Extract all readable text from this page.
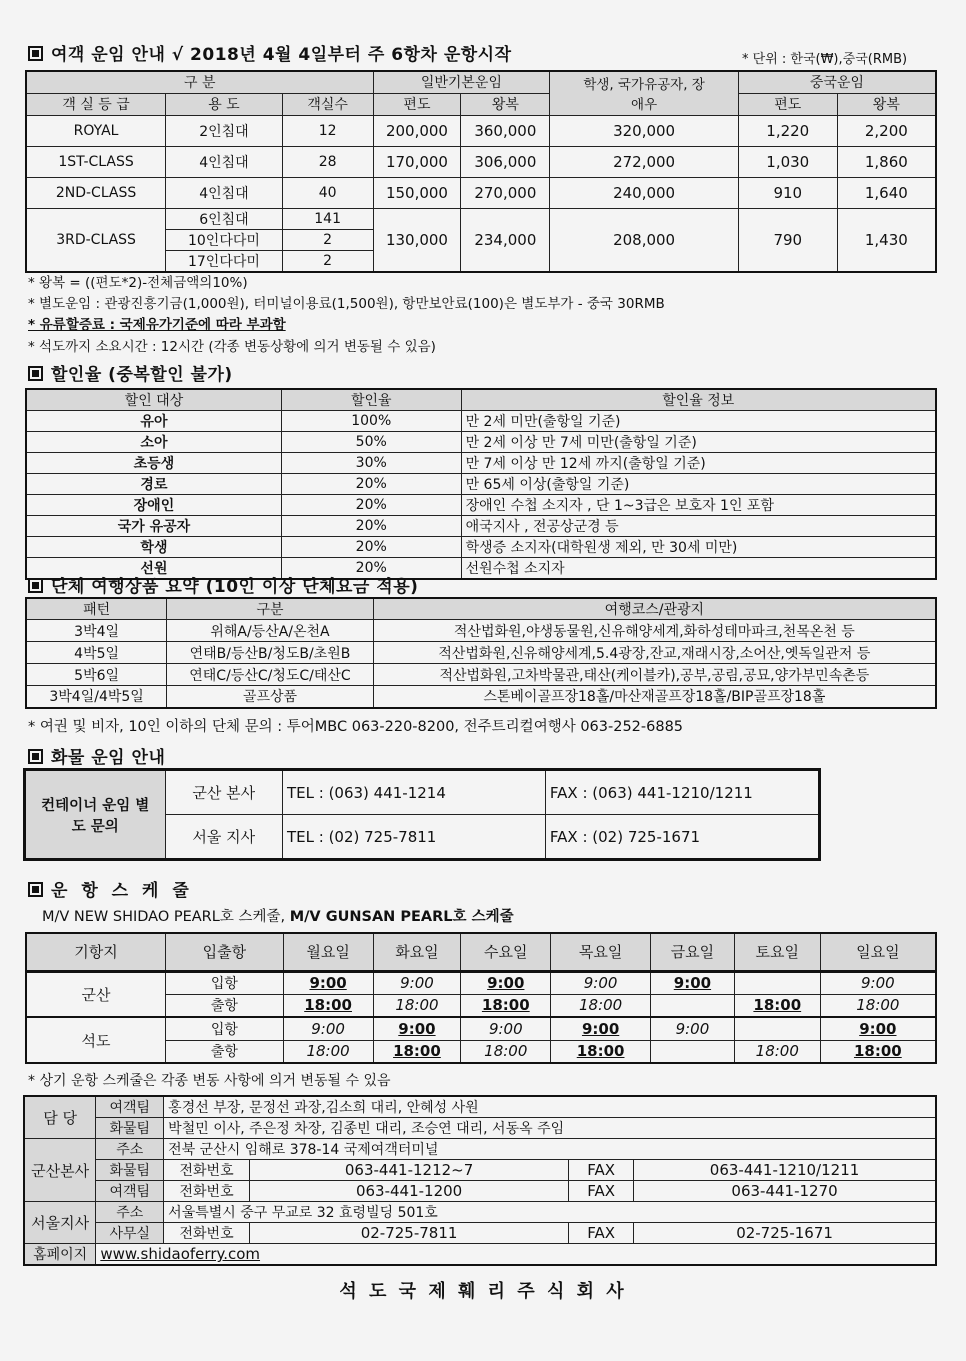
여객 운임 안내 √ 2018년 4월 4일부터 주 6항차 운항시작	* 단위 : 한국(₩),중국(RMB)
구 분			일반기본운임		학생, 국가유공자, 장애우	중국운임	
객 실 등 급	용 도	객실수	편도	왕복		편도	왕복
ROYAL	2인침대	12	200,000	360,000	320,000	1,220	2,200
1ST-CLASS	4인침대	28	170,000	306,000	272,000	1,030	1,860
2ND-CLASS	4인침대	40	150,000	270,000	240,000	910	1,640
3RD-CLASS	6인침대	141	130,000	234,000	208,000	790	1,430
	10인다다미	2					
	17인다다미	2					
* 왕복 = ((편도*2)-전체금액의10%)
* 별도운임 : 관광진흥기금(1,000원), 터미널이용료(1,500원), 항만보안료(100)은 별도부가 - 중국 30RMB
* 유류할증료 : 국제유가기준에 따라 부과함
* 석도까지 소요시간 : 12시간 (각종 변동상황에 의거 변동될 수 있음)
할인율 (중복할인 불가)
할인 대상	할인율	할인율 정보
유아	100%	만 2세 미만(출항일 기준)
소아	50%	만 2세 이상 만 7세 미만(출항일 기준)
초등생	30%	만 7세 이상 만 12세 까지(출항일 기준)
경로	20%	만 65세 이상(출항일 기준)
장애인	20%	장애인 수첩 소지자 , 단 1~3급은 보호자 1인 포함
국가 유공자	20%	애국지사 , 전공상군경 등
학생	20%	학생증 소지자(대학원생 제외, 만 30세 미만)
선원	20%	선원수첩 소지자
단체 여행상품 요약 (10인 이상 단체요금 적용)
패턴	구분	여행코스/관광지
3박4일	위해A/등산A/온천A	적산법화원,야생동물원,신유해양세계,화하성테마파크,천목온천 등
4박5일	연태B/등산B/청도B/초원B	적산법화원,신유해양세계,5.4광장,잔교,재래시장,소어산,옛독일관저 등
5박6일	연태C/등산C/청도C/태산C	적산법화원,고차박물관,태산(케이블카),공부,공림,공묘,양가부민속촌등
3박4일/4박5일	골프상품	스톤베이골프장18홀/마산재골프장18홀/BIP골프장18홀
* 여권 및 비자, 10인 이하의 단체 문의 : 투어MBC 063-220-8200, 전주트리컬여행사 063-252-6885
화물 운임 안내
컨테이너 운임 별도 문의	군산 본사	TEL : (063) 441-1214	FAX : (063) 441-1210/1211
	서울 지사	TEL : (02) 725-7811	FAX : (02) 725-1671
운 항 스 케 줄
M/V NEW SHIDAO PEARL호 스케줄, M/V GUNSAN PEARL호 스케줄
기항지	입출항	월요일	화요일	수요일	목요일	금요일	토요일	일요일
군산	입항	9:00	9:00	9:00	9:00	9:00		9:00
	출항	18:00	18:00	18:00	18:00		18:00	18:00
석도	입항	9:00	9:00	9:00	9:00	9:00		9:00
	출항	18:00	18:00	18:00	18:00		18:00	18:00
* 상기 운항 스케줄은 각종 변동 사항에 의거 변동될 수 있음
담 당	여객팀	홍경선 부장, 문정선 과장,김소희 대리, 안혜성 사원			
	화물팀	박철민 이사, 주은정 차장, 김종빈 대리, 조승연 대리, 서동옥 주임			
군산본사	주소	전북 군산시 임해로 378-14 국제여객터미널			
	화물팀	전화번호	063-441-1212~7	FAX	063-441-1210/1211
	여객팀	전화번호	063-441-1200	FAX	063-441-1270
서울지사	주소	서울특별시 중구 무교로 32 효령빌딩 501호			
	사무실	전화번호	02-725-7811	FAX	02-725-1671
홈페이지	www.shidaoferry.com				
석 도 국 제 훼 리 주 식 회 사
